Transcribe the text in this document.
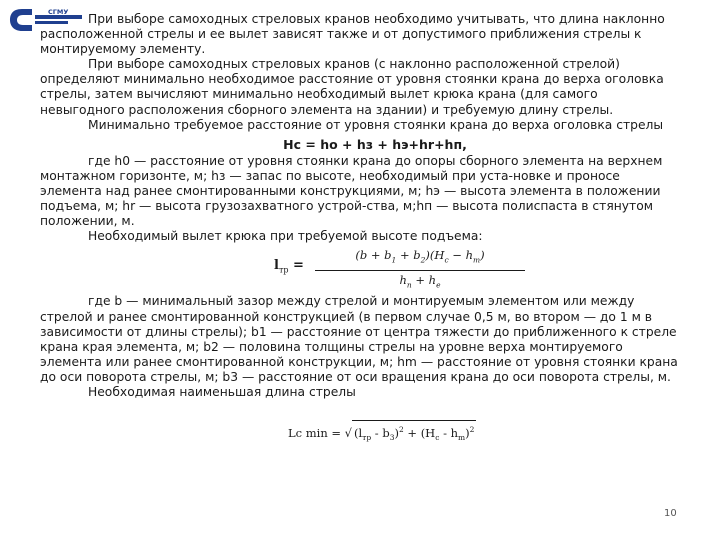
СГМУ	При выборе самоходных стреловых кранов необходимо учитывать, что длина наклонно расположенной стрелы и ее вылет зависят также и от допустимого приближения стрелы к монтируемому элементу.

При выборе самоходных стреловых кранов (с наклонно расположенной стрелой) определяют минимально необходимое расстояние от уровня стоянки крана до верха оголовка стрелы, затем вычисляют минимально необходимый вылет крюка крана (для самого невыгодного расположения сборного элемента на здании) и требуемую длину стрелы.

Минимально требуемое расстояние от уровня стоянки крана до верха оголовка стрелы

Нс = hо + hз + hэ+hr+hп,

где h0 — расстояние от уровня стоянки крана до опоры сборного элемента на верхнем монтажном горизонте, м; hз — запас по высоте, необходимый при уста-новке и проносе элемента над ранее смонтированными конструкциями, м; hэ — высота элемента в положении подъема, м; hr — высота грузозахватного устрой-ства, м;hп — высота полиспаста в стянутом положении, м.

Необходимый вылет крюка при требуемой высоте подъема:

$l_{тр} = \frac{(b + b_1 + b_2)(H_c - h_m)}{h_n + h_e}$

где b — минимальный зазор между стрелой и монтируемым элементом или между стрелой и ранее смонтированной конструкцией (в первом случае 0,5 м, во втором — до 1 м в зависимости от длины стрелы); b1 — расстояние от центра тяжести до приближенного к стреле крана края элемента, м; b2 — половина толщины стрелы на уровне верха монтируемого элемента или ранее смонтированной конструкции, м; hm — расстояние от уровня стоянки крана до оси поворота стрелы, м; b3 — расстояние от оси вращения крана до оси поворота стрелы, м.

Необходимая наименьшая длина стрелы

Lc min = √ $(l_{тр} - b_3)^2 + (H_c - h_m)^2$
10
